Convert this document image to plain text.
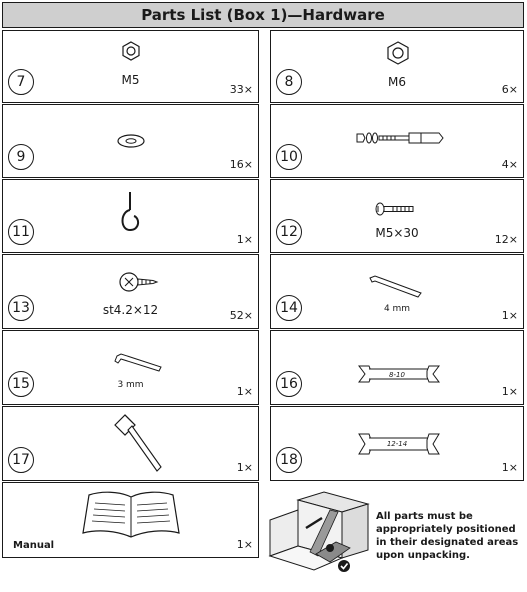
Parts List (Box 1)—Hardware
M5
7	33×
M6
8	6×
9	16× 10	4×
11	1×	M5×30
12	12×
st4.2×12
13	52×	4 mm
14	1×
3 mm
15	1×
8-10
16	1×
17	1×
12-14
18	1×
Manual	1×
All parts must be appropriately positioned in their designated areas upon unpacking.
